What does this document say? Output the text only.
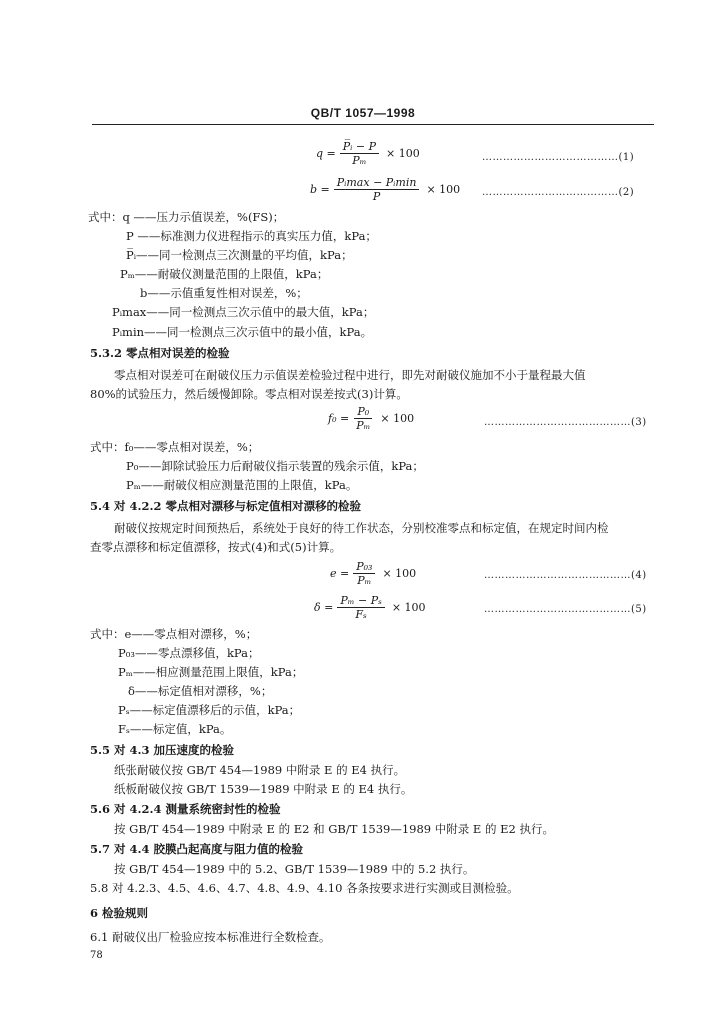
QB/T 1057—1998
$q = \frac{\text{P̅ᵢ − P}}{\text{Pₘ}} \times 100$	…………………………………(1)
$b = \frac{\text{Pᵢmax − Pᵢmin}}{P̅} \times 100$ …………………………………(2)
式中：q ——压力示值误差，%(FS)；
P ——标准测力仪进程指示的真实压力值，kPa；
P̅ᵢ——同一检测点三次测量的平均值，kPa；
Pₘ——耐破仪测量范围的上限值，kPa；
b——示值重复性相对误差，%；
Pᵢmax——同一检测点三次示值中的最大值，kPa；
Pᵢmin——同一检测点三次示值中的最小值，kPa。
5.3.2 零点相对误差的检验
零点相对误差可在耐破仪压力示值误差检验过程中进行，即先对耐破仪施加不小于量程最大值
80%的试验压力，然后缓慢卸除。零点相对误差按式(3)计算。
$f_0 = \frac{\text{P₀}}{\text{Pₘ}} \times 100$	……………………………………(3)
式中：f₀——零点相对误差，%；
P₀——卸除试验压力后耐破仪指示装置的残余示值，kPa；
Pₘ——耐破仪相应测量范围的上限值，kPa。
5.4 对 4.2.2 零点相对漂移与标定值相对漂移的检验
耐破仪按规定时间预热后，系统处于良好的待工作状态，分别校准零点和标定值，在规定时间内检
查零点漂移和标定值漂移，按式(4)和式(5)计算。
$e = \frac{\text{P₀₃}}{\text{Pₘ}} \times 100$	……………………………………(4)
$\delta = \frac{\text{Pₘ − Pₛ}}{\text{Fₛ}} \times 100$	……………………………………(5)
式中：e——零点相对漂移，%；
P₀₃——零点漂移值，kPa；
Pₘ——相应测量范围上限值，kPa；
δ——标定值相对漂移，%；
Pₛ——标定值漂移后的示值，kPa；
Fₛ——标定值，kPa。
5.5 对 4.3 加压速度的检验
纸张耐破仪按 GB/T 454—1989 中附录 E 的 E4 执行。
纸板耐破仪按 GB/T 1539—1989 中附录 E 的 E4 执行。
5.6 对 4.2.4 测量系统密封性的检验
按 GB/T 454—1989 中附录 E 的 E2 和 GB/T 1539—1989 中附录 E 的 E2 执行。
5.7 对 4.4 胶膜凸起高度与阻力值的检验
按 GB/T 454—1989 中的 5.2、GB/T 1539—1989 中的 5.2 执行。
5.8 对 4.2.3、4.5、4.6、4.7、4.8、4.9、4.10 各条按要求进行实测或目测检验。
6 检验规则
6.1 耐破仪出厂检验应按本标准进行全数检查。
78
